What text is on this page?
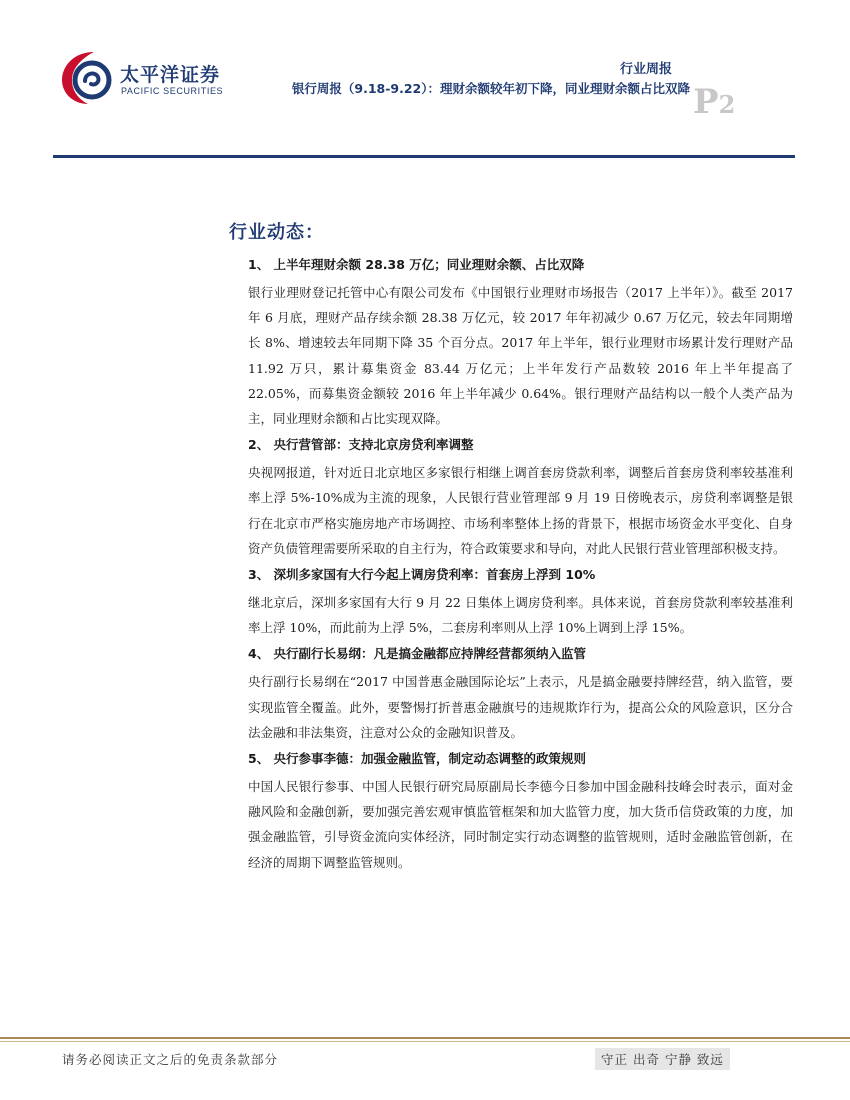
太平洋证券
PACIFIC SECURITIES
行业周报
银行周报（9.18-9.22）：理财余额较年初下降，同业理财余额占比双降 P2
行业动态：
1、 上半年理财余额 28.38 万亿；同业理财余额、占比双降

银行业理财登记托管中心有限公司发布《中国银行业理财市场报告（2017 上半年）》。截至 2017 年 6 月底，理财产品存续余额 28.38 万亿元，较 2017 年年初减少 0.67 万亿元，较去年同期增长 8%、增速较去年同期下降 35 个百分点。2017 年上半年，银行业理财市场累计发行理财产品 11.92 万只，累计募集资金 83.44 万亿元；上半年发行产品数较 2016 年上半年提高了 22.05%，而募集资金额较 2016 年上半年减少 0.64%。银行理财产品结构以一般个人类产品为主，同业理财余额和占比实现双降。

2、 央行营管部：支持北京房贷利率调整

央视网报道，针对近日北京地区多家银行相继上调首套房贷款利率，调整后首套房贷利率较基准利率上浮 5%-10%成为主流的现象，人民银行营业管理部 9 月 19 日傍晚表示，房贷利率调整是银行在北京市严格实施房地产市场调控、市场利率整体上扬的背景下，根据市场资金水平变化、自身资产负债管理需要所采取的自主行为，符合政策要求和导向，对此人民银行营业管理部积极支持。

3、 深圳多家国有大行今起上调房贷利率：首套房上浮到 10%

继北京后，深圳多家国有大行 9 月 22 日集体上调房贷利率。具体来说，首套房贷款利率较基准利率上浮 10%，而此前为上浮 5%，二套房利率则从上浮 10%上调到上浮 15%。

4、 央行副行长易纲：凡是搞金融都应持牌经营都须纳入监管

央行副行长易纲在“2017 中国普惠金融国际论坛”上表示，凡是搞金融要持牌经营，纳入监管，要实现监管全覆盖。此外，要警惕打折普惠金融旗号的违规欺诈行为，提高公众的风险意识，区分合法金融和非法集资，注意对公众的金融知识普及。

5、 央行参事李德：加强金融监管，制定动态调整的政策规则

中国人民银行参事、中国人民银行研究局原副局长李德今日参加中国金融科技峰会时表示，面对金融风险和金融创新，要加强完善宏观审慎监管框架和加大监管力度，加大货币信贷政策的力度，加强金融监管，引导资金流向实体经济，同时制定实行动态调整的监管规则，适时金融监管创新，在经济的周期下调整监管规则。

请务必阅读正文之后的免责条款部分	守正 出奇 宁静 致远
